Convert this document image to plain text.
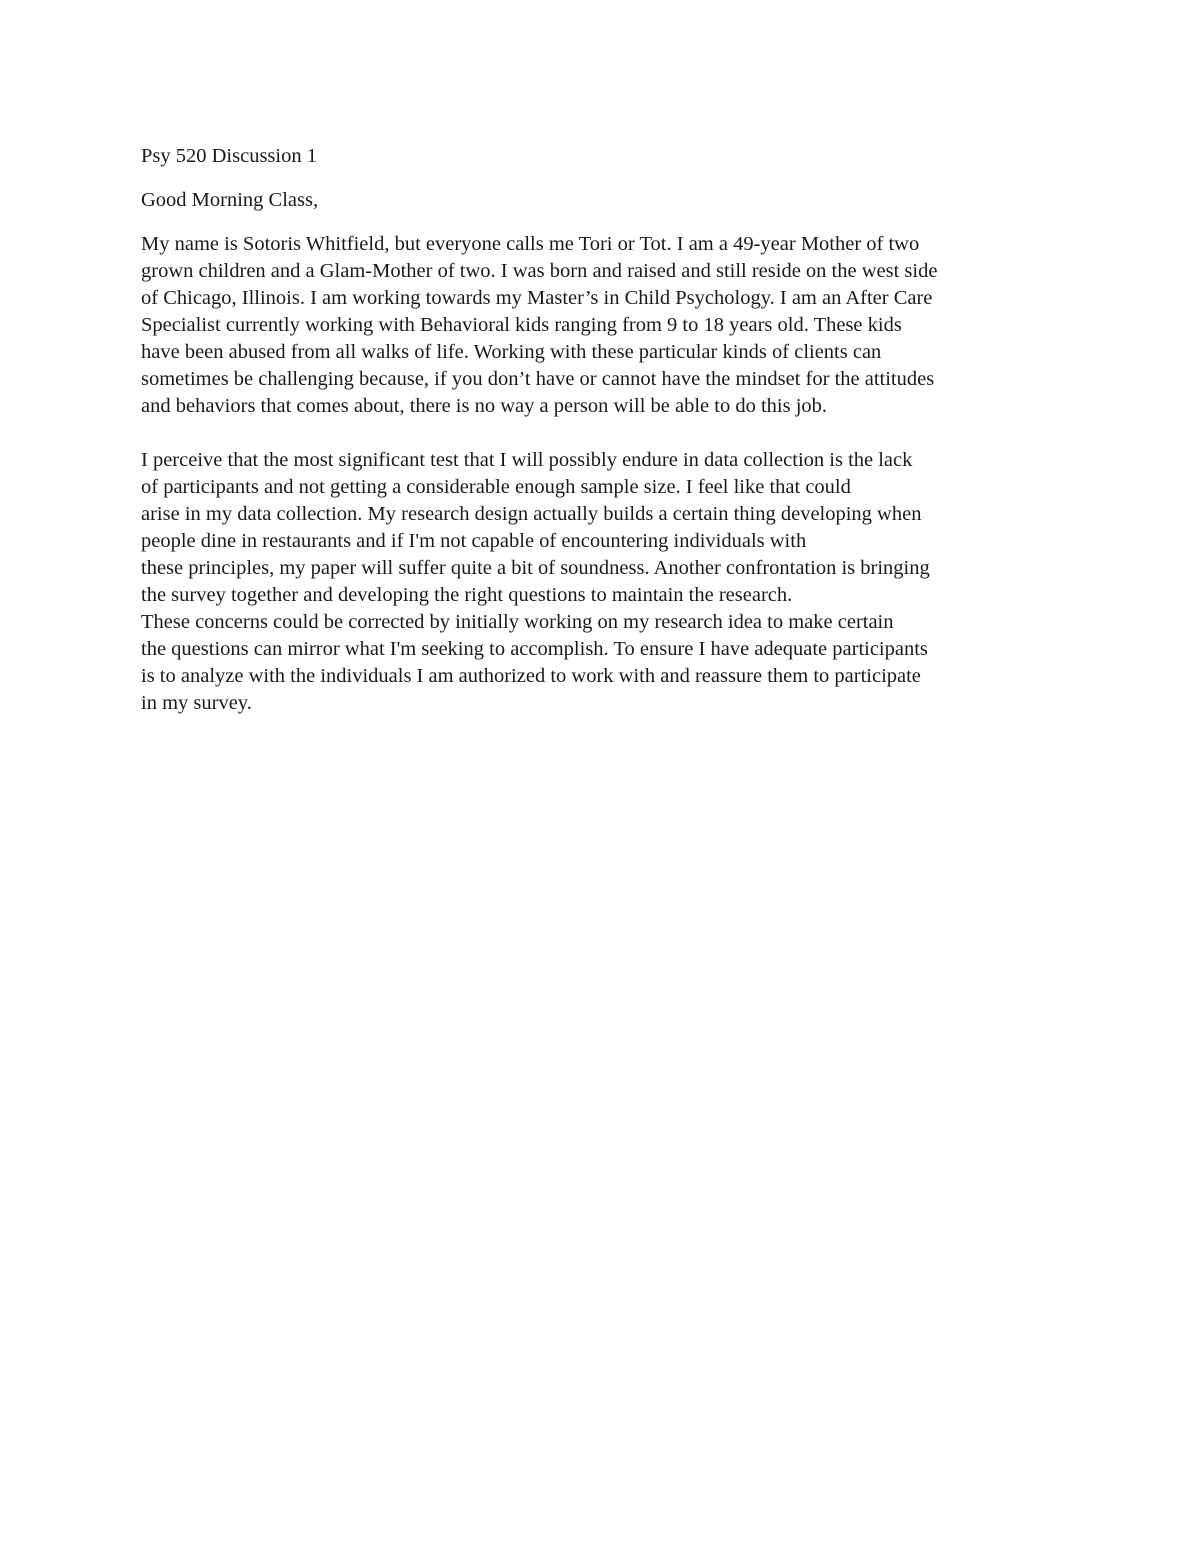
Psy 520 Discussion 1
Good Morning Class,
My name is Sotoris Whitfield, but everyone calls me Tori or Tot. I am a 49-year Mother of two
grown children and a Glam-Mother of two. I was born and raised and still reside on the west side
of Chicago, Illinois. I am working towards my Master’s in Child Psychology. I am an After Care
Specialist currently working with Behavioral kids ranging from 9 to 18 years old. These kids
have been abused from all walks of life. Working with these particular kinds of clients can
sometimes be challenging because, if you don’t have or cannot have the mindset for the attitudes
and behaviors that comes about, there is no way a person will be able to do this job.
I perceive that the most significant test that I will possibly endure in data collection is the lack
of participants and not getting a considerable enough sample size. I feel like that could
arise in my data collection. My research design actually builds a certain thing developing when
people dine in restaurants and if I'm not capable of encountering individuals with
these principles, my paper will suffer quite a bit of soundness. Another confrontation is bringing
the survey together and developing the right questions to maintain the research.
These concerns could be corrected by initially working on my research idea to make certain
the questions can mirror what I'm seeking to accomplish. To ensure I have adequate participants
is to analyze with the individuals I am authorized to work with and reassure them to participate
in my survey.
